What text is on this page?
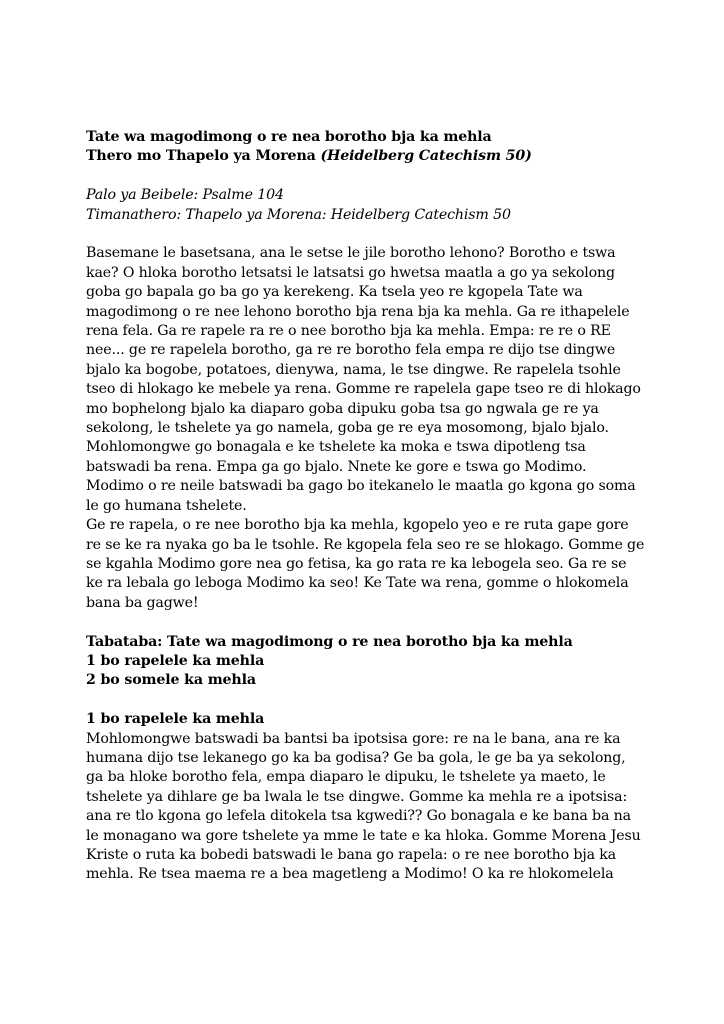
Tate wa magodimong o re nea borotho bja ka mehla
Thero mo Thapelo ya Morena (Heidelberg Catechism 50)

Palo ya Beibele: Psalme 104

Timanathero: Thapelo ya Morena: Heidelberg Catechism 50

Basemane le basetsana, ana le setse le jile borotho lehono? Borotho e tswa kae? O hloka borotho letsatsi le latsatsi go hwetsa maatla a go ya sekolong goba go bapala go ba go ya kerekeng. Ka tsela yeo re kgopela Tate wa magodimong o re nee lehono borotho bja rena bja ka mehla. Ga re ithapelele rena fela. Ga re rapele ra re o nee borotho bja ka mehla. Empa: re re o RE nee... ge re rapelela borotho, ga re re borotho fela empa re dijo tse dingwe bjalo ka bogobe, potatoes, dienywa, nama, le tse dingwe. Re rapelela tsohle tseo di hlokago ke mebele ya rena. Gomme re rapelela gape tseo re di hlokago mo bophelong bjalo ka diaparo goba dipuku goba tsa go ngwala ge re ya sekolong, le tshelete ya go namela, goba ge re eya mosomong, bjalo bjalo. Mohlomongwe go bonagala e ke tshelete ka moka e tswa dipotleng tsa batswadi ba rena. Empa ga go bjalo. Nnete ke gore e tswa go Modimo. Modimo o re neile batswadi ba gago bo itekanelo le maatla go kgona go soma le go humana tshelete.

Ge re rapela, o re nee borotho bja ka mehla, kgopelo yeo e re ruta gape gore re se ke ra nyaka go ba le tsohle. Re kgopela fela seo re se hlokago. Gomme ge se kgahla Modimo gore nea go fetisa, ka go rata re ka lebogela seo. Ga re se ke ra lebala go leboga Modimo ka seo! Ke Tate wa rena, gomme o hlokomela bana ba gagwe!

Tabataba: Tate wa magodimong o re nea borotho bja ka mehla

1 bo rapelele ka mehla

2 bo somele ka mehla

1 bo rapelele ka mehla

Mohlomongwe batswadi ba bantsi ba ipotsisa gore: re na le bana, ana re ka humana dijo tse lekanego go ka ba godisa? Ge ba gola, le ge ba ya sekolong, ga ba hloke borotho fela, empa diaparo le dipuku, le tshelete ya maeto, le tshelete ya dihlare ge ba lwala le tse dingwe. Gomme ka mehla re a ipotsisa: ana re tlo kgona go lefela ditokela tsa kgwedi?? Go bonagala e ke bana ba na le monagano wa gore tshelete ya mme le tate e ka hloka. Gomme Morena Jesu Kriste o ruta ka bobedi batswadi le bana go rapela: o re nee borotho bja ka mehla. Re tsea maema re a bea magetleng a Modimo! O ka re hlokomelela
